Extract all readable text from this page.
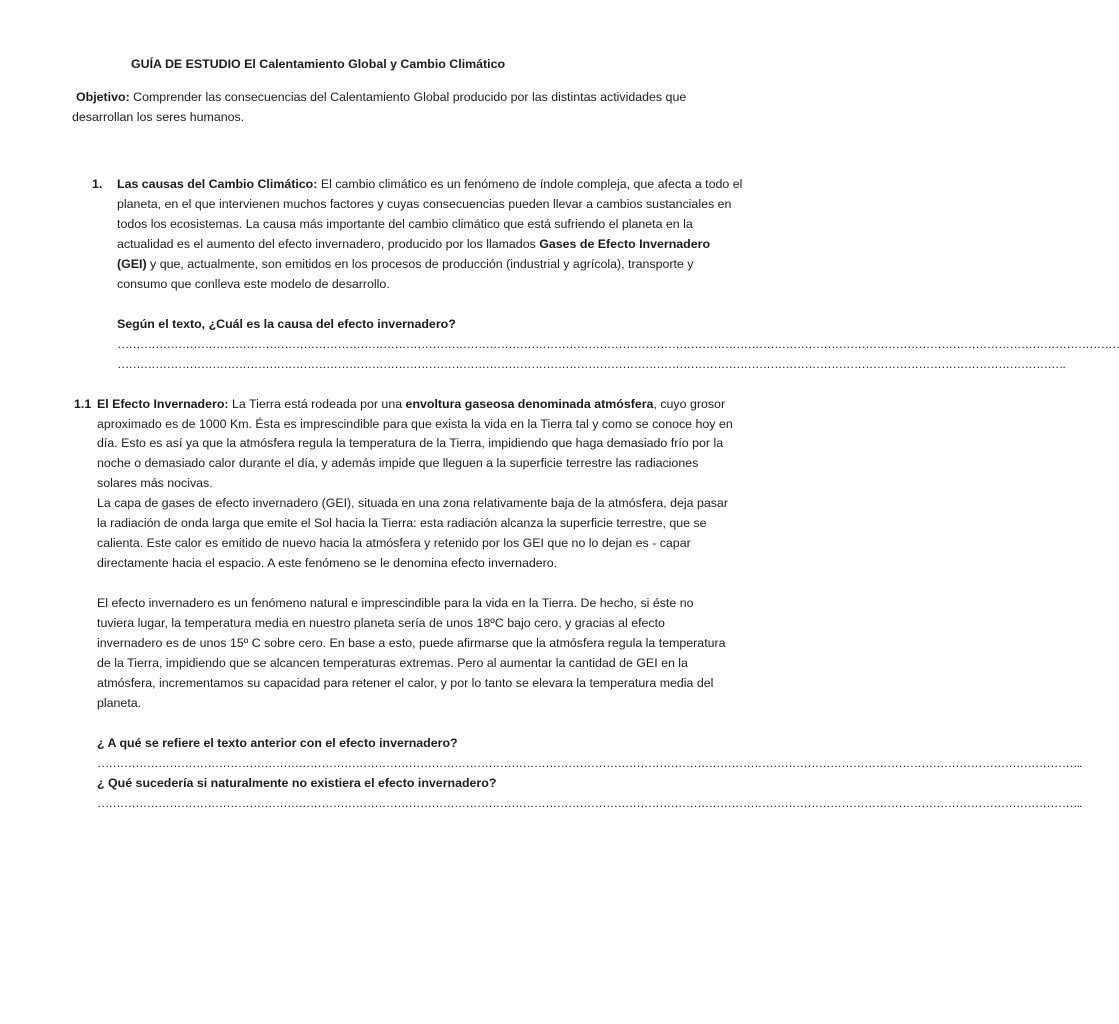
GUÍA DE ESTUDIO El Calentamiento Global y Cambio Climático
Objetivo: Comprender las consecuencias del Calentamiento Global producido por las distintas actividades que
desarrollan los seres humanos.
1. Las causas del Cambio Climático: El cambio climático es un fenómeno de índole compleja, que afecta a todo el
planeta, en el que intervienen muchos factores y cuyas consecuencias pueden llevar a cambios sustanciales en
todos los ecosistemas. La causa más importante del cambio climático que está sufriendo el planeta en la
actualidad es el aumento del efecto invernadero, producido por los llamados Gases de Efecto Invernadero
(GEI) y que, actualmente, son emitidos en los procesos de producción (industrial y agrícola), transporte y
consumo que conlleva este modelo de desarrollo.
Según el texto, ¿Cuál es la causa del efecto invernadero?
…………………………………………………………………………………………………………………………………………………………………………………………………………………………………………
…………………………………………………………………………………………………………………………………………………………………………………………………………………………….
1.1 El Efecto Invernadero: La Tierra está rodeada por una envoltura gaseosa denominada atmósfera, cuyo grosor
aproximado es de 1000 Km. Ésta es imprescindible para que exista la vida en la Tierra tal y como se conoce hoy en
día. Esto es así ya que la atmósfera regula la temperatura de la Tierra, impidiendo que haga demasiado frío por la
noche o demasiado calor durante el día, y además impide que lleguen a la superficie terrestre las radiaciones
solares más nocivas.
La capa de gases de efecto invernadero (GEI), situada en una zona relativamente baja de la atmósfera, deja pasar
la radiación de onda larga que emite el Sol hacia la Tierra: esta radiación alcanza la superficie terrestre, que se
calienta. Este calor es emitido de nuevo hacia la atmósfera y retenido por los GEI que no lo dejan es - capar
directamente hacia el espacio. A este fenómeno se le denomina efecto invernadero.
El efecto invernadero es un fenómeno natural e imprescindible para la vida en la Tierra. De hecho, si éste no
tuviera lugar, la temperatura media en nuestro planeta sería de unos 18ºC bajo cero, y gracias al efecto
invernadero es de unos 15º C sobre cero. En base a esto, puede afirmarse que la atmósfera regula la temperatura
de la Tierra, impidiendo que se alcancen temperaturas extremas. Pero al aumentar la cantidad de GEI en la
atmósfera, incrementamos su capacidad para retener el calor, y por lo tanto se elevara la temperatura media del
planeta.
¿ A qué se refiere el texto anterior con el efecto invernadero?
……………………………………………………………………………………………………………………………………………………………………………………………………………………………………..
¿ Qué sucedería si naturalmente no existiera el efecto invernadero?
……………………………………………………………………………………………………………………………………………………………………………………………………………………………………..
